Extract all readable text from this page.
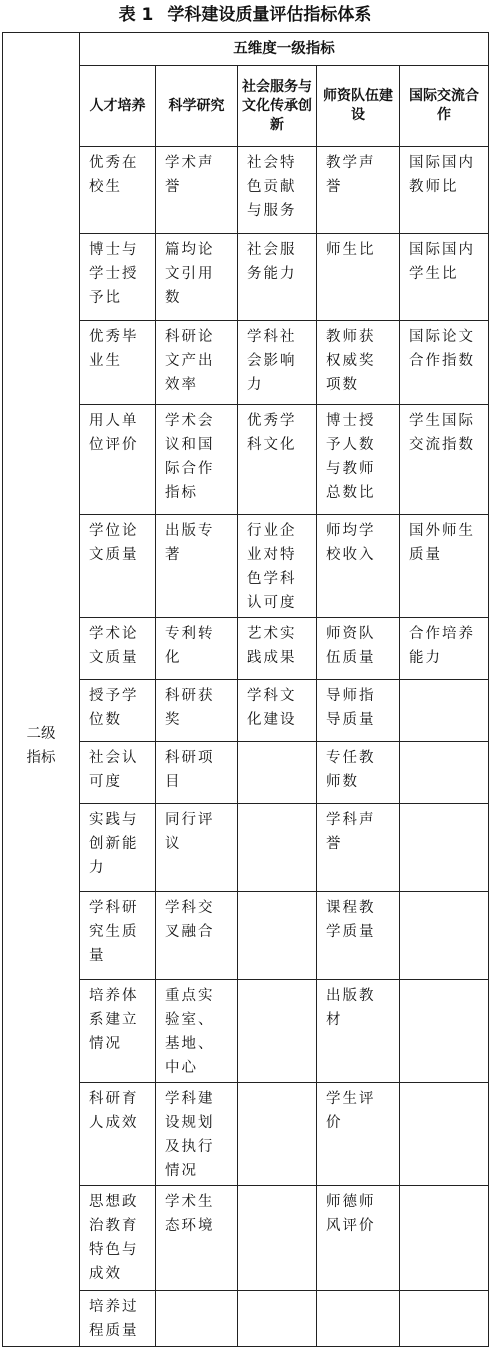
表 1 学科建设质量评估指标体系
	五维度一级指标				
	人才培养	科学研究	社会服务与文化传承创新	师资队伍建设	国际交流合作
二级指标	优秀在校生	学术声誉	社会特色贡献与服务	教学声誉	国际国内教师比
	博士与学士授予比	篇均论文引用数	社会服务能力	师生比	国际国内学生比
	优秀毕业生	科研论文产出效率	学科社会影响力	教师获权威奖项数	国际论文合作指数
	用人单位评价	学术会议和国际合作指标	优秀学科文化	博士授予人数与教师总数比	学生国际交流指数
	学位论文质量	出版专著	行业企业对特色学科认可度	师均学校收入	国外师生质量
	学术论文质量	专利转化	艺术实践成果	师资队伍质量	合作培养能力
	授予学位数	科研获奖	学科文化建设	导师指导质量	
	社会认可度	科研项目		专任教师数	
	实践与创新能力	同行评议		学科声誉	
	学科研究生质量	学科交叉融合		课程教学质量	
	培养体系建立情况	重点实验室、基地、中心		出版教材	
	科研育人成效	学科建设规划及执行情况		学生评价	
	思想政治教育特色与成效	学术生态环境		师德师风评价	
	培养过程质量				
